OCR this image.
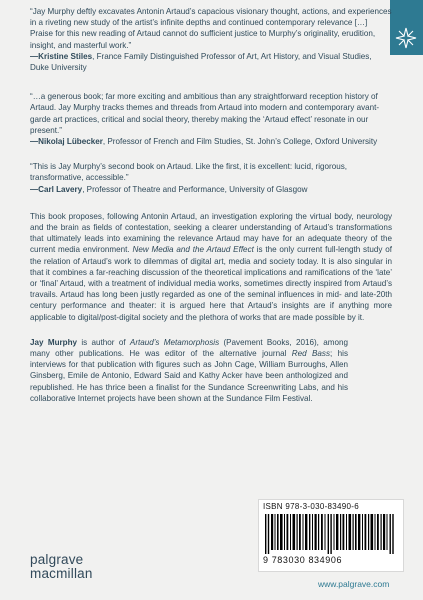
“Jay Murphy deftly excavates Antonin Artaud’s capacious visionary thought, actions, and experiences in a riveting new study of the artist’s infinite depths and continued contemporary relevance […] Praise for this new reading of Artaud cannot do sufficient justice to Murphy’s originality, erudition, insight, and masterful work.”

—Kristine Stiles, France Family Distinguished Professor of Art, Art History, and Visual Studies, Duke University

“…a generous book; far more exciting and ambitious than any straightforward reception history of Artaud. Jay Murphy tracks themes and threads from Artaud into modern and contemporary avant-garde art practices, critical and social theory, thereby making the ‘Artaud effect’ resonate in our present.”

—Nikolaj Lübecker, Professor of French and Film Studies, St. John’s College, Oxford University

“This is Jay Murphy’s second book on Artaud. Like the first, it is excellent: lucid, rigorous, transformative, accessible.”

—Carl Lavery, Professor of Theatre and Performance, University of Glasgow

This book proposes, following Antonin Artaud, an investigation exploring the virtual body, neurology and the brain as fields of contestation, seeking a clearer understanding of Artaud’s transformations that ultimately leads into examining the relevance Artaud may have for an adequate theory of the current media environment. New Media and the Artaud Effect is the only current full-length study of the relation of Artaud’s work to dilemmas of digital art, media and society today. It is also singular in that it combines a far-reaching discussion of the theoretical implications and ramifications of the ‘late’ or ‘final’ Artaud, with a treatment of individual media works, sometimes directly inspired from Artaud’s travails. Artaud has long been justly regarded as one of the seminal influences in mid- and late-20th century performance and theater: it is argued here that Artaud’s insights are if anything more applicable to digital/post-digital society and the plethora of works that are made possible by it.

Jay Murphy is author of Artaud’s Metamorphosis (Pavement Books, 2016), among many other publications. He was editor of the alternative journal Red Bass; his interviews for that publication with figures such as John Cage, William Burroughs, Allen Ginsberg, Emile de Antonio, Edward Said and Kathy Acker have been anthologized and republished. He has thrice been a finalist for the Sundance Screenwriting Labs, and his collaborative Internet projects have been shown at the Sundance Film Festival.

ISBN 978-3-030-83490-6
9 783030 834906
palgrave
macmillan
www.palgrave.com
